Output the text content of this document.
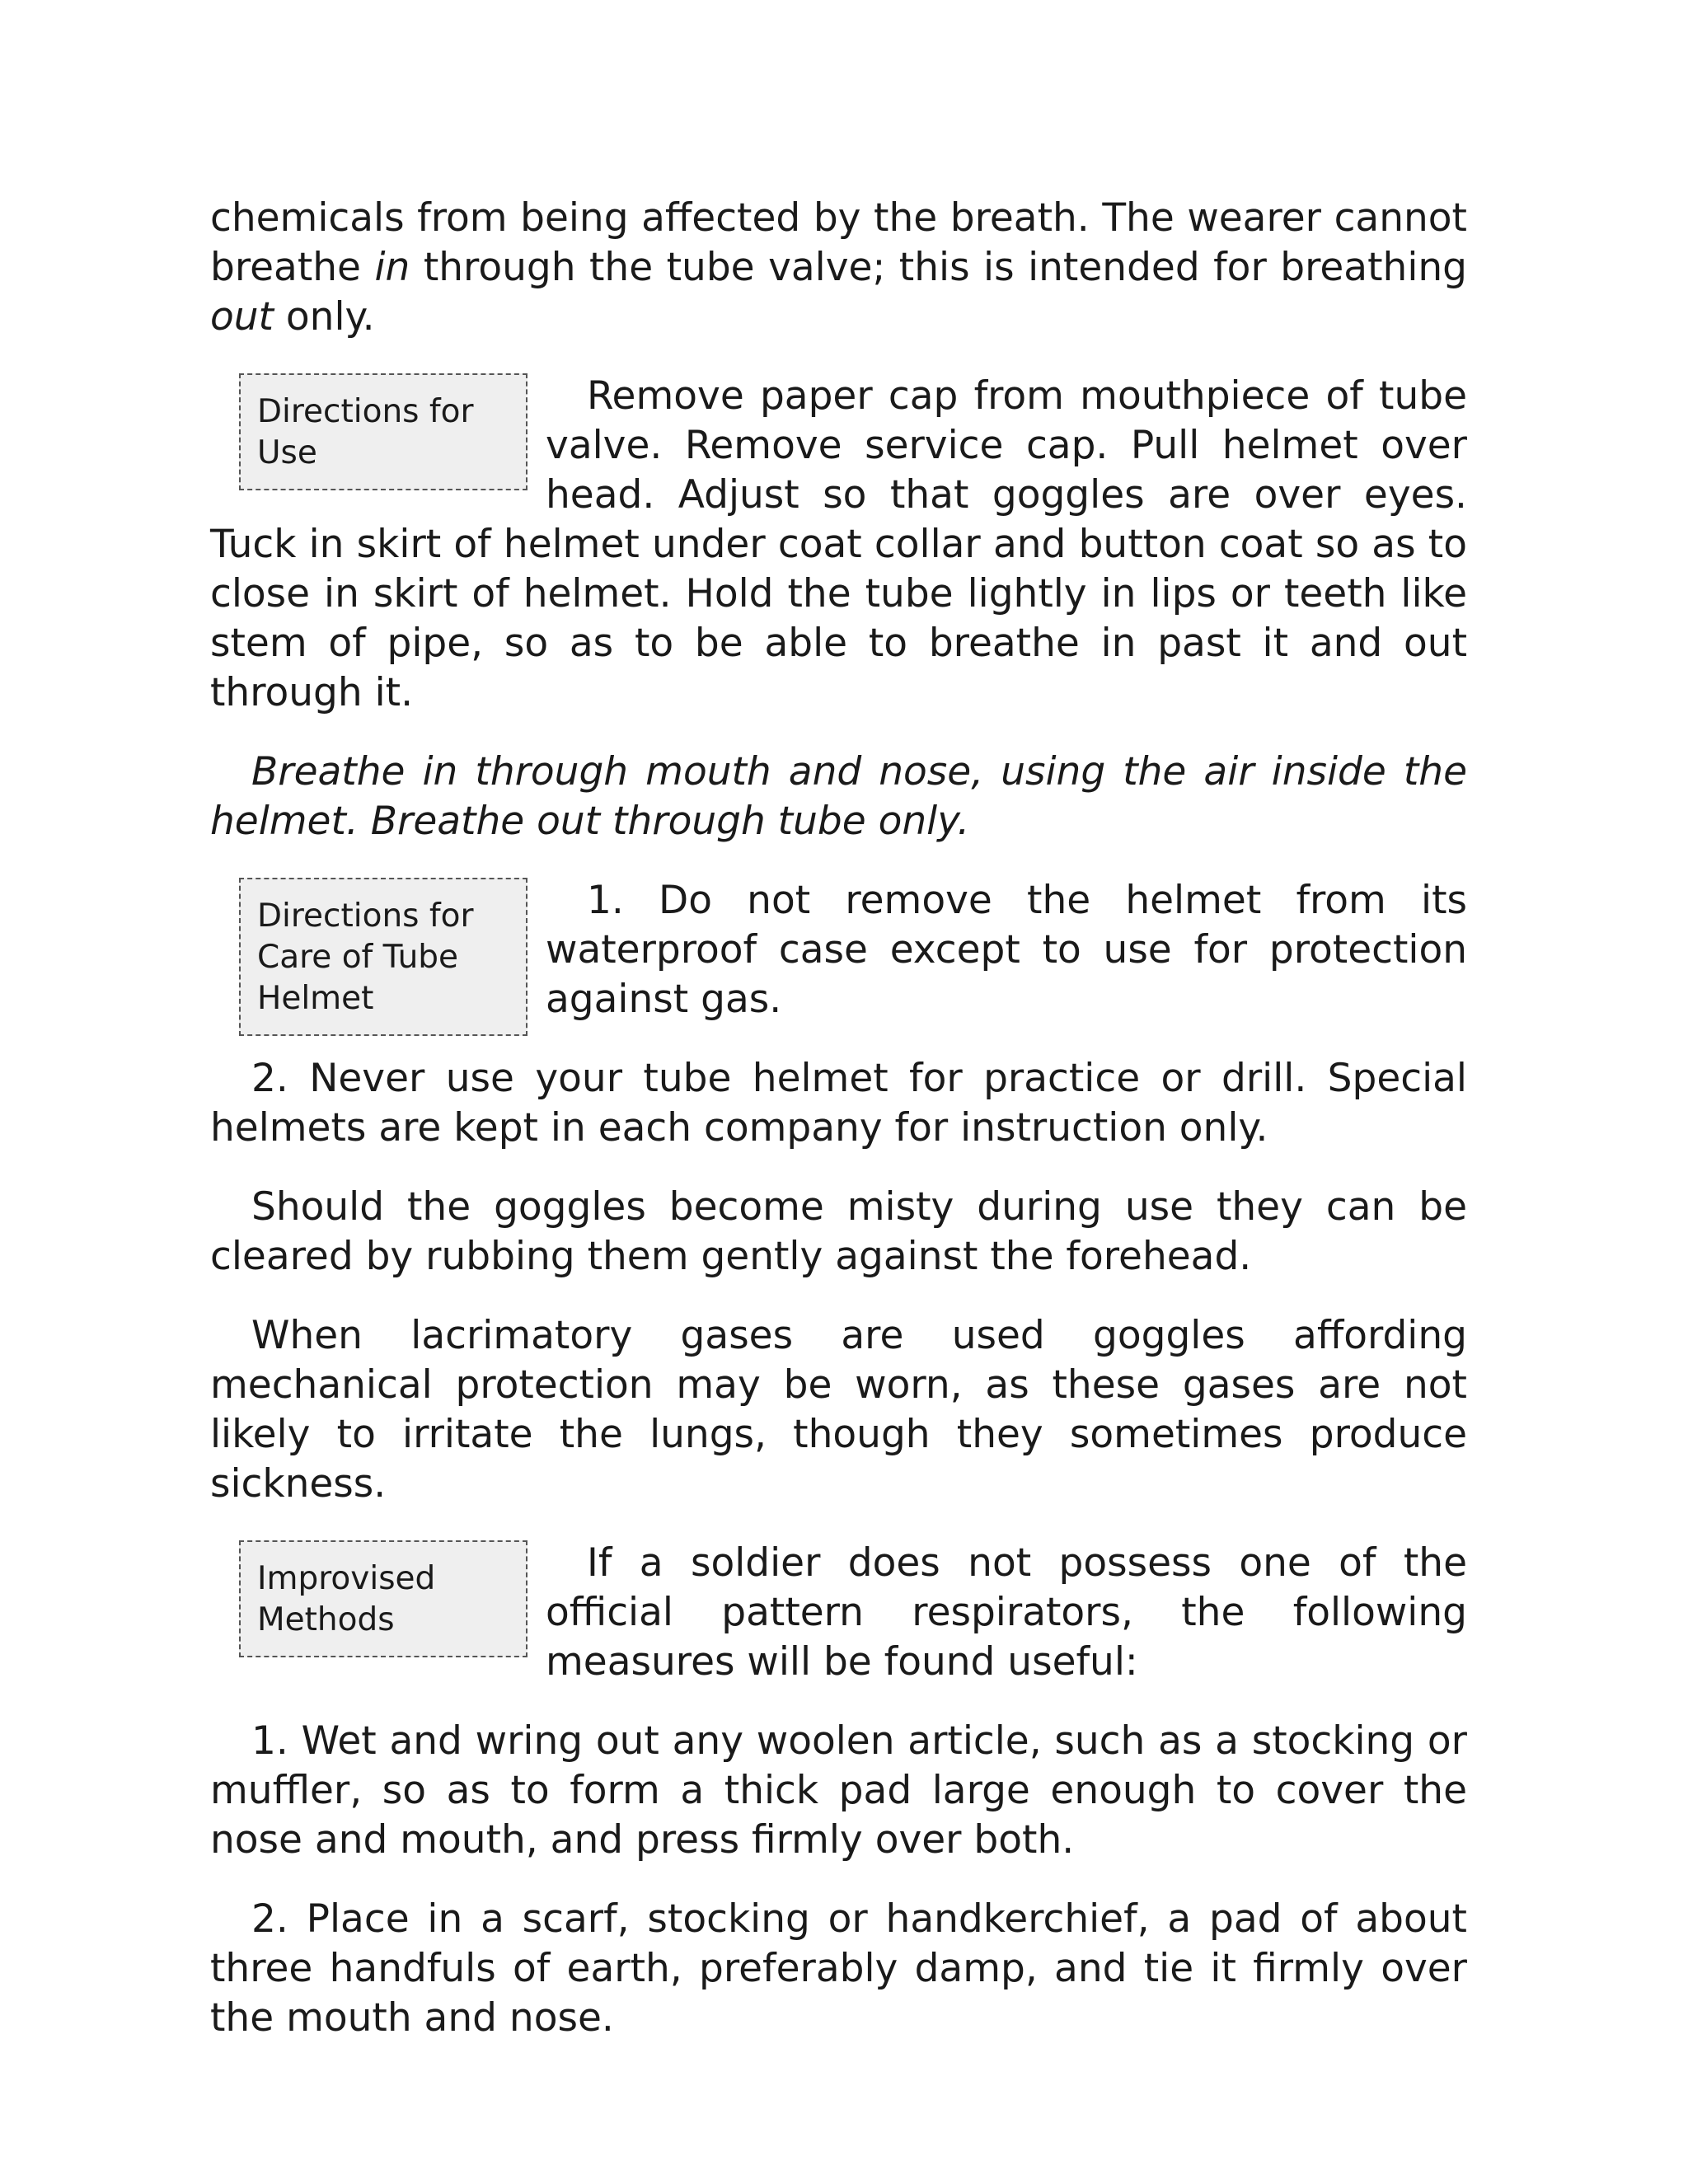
chemicals from being affected by the breath. The wearer cannot breathe in through the tube valve; this is intended for breathing out only.

Directions for Use
Remove paper cap from mouthpiece of tube valve. Remove service cap. Pull helmet over head. Adjust so that goggles are over eyes. Tuck in skirt of helmet under coat collar and button coat so as to close in skirt of helmet. Hold the tube lightly in lips or teeth like stem of pipe, so as to be able to breathe in past it and out through it.

Breathe in through mouth and nose, using the air inside the helmet. Breathe out through tube only.

Directions for Care of Tube Helmet
1. Do not remove the helmet from its waterproof case except to use for protection against gas.

2. Never use your tube helmet for practice or drill. Special helmets are kept in each company for instruction only.

Should the goggles become misty during use they can be cleared by rubbing them gently against the forehead.

When lacrimatory gases are used goggles affording mechanical protection may be worn, as these gases are not likely to irritate the lungs, though they sometimes produce sickness.

Improvised Methods
If a soldier does not possess one of the official pattern respirators, the following measures will be found useful:

1. Wet and wring out any woolen article, such as a stocking or muffler, so as to form a thick pad large enough to cover the nose and mouth, and press firmly over both.

2. Place in a scarf, stocking or handkerchief, a pad of about three handfuls of earth, preferably damp, and tie it firmly over the mouth and nose.
